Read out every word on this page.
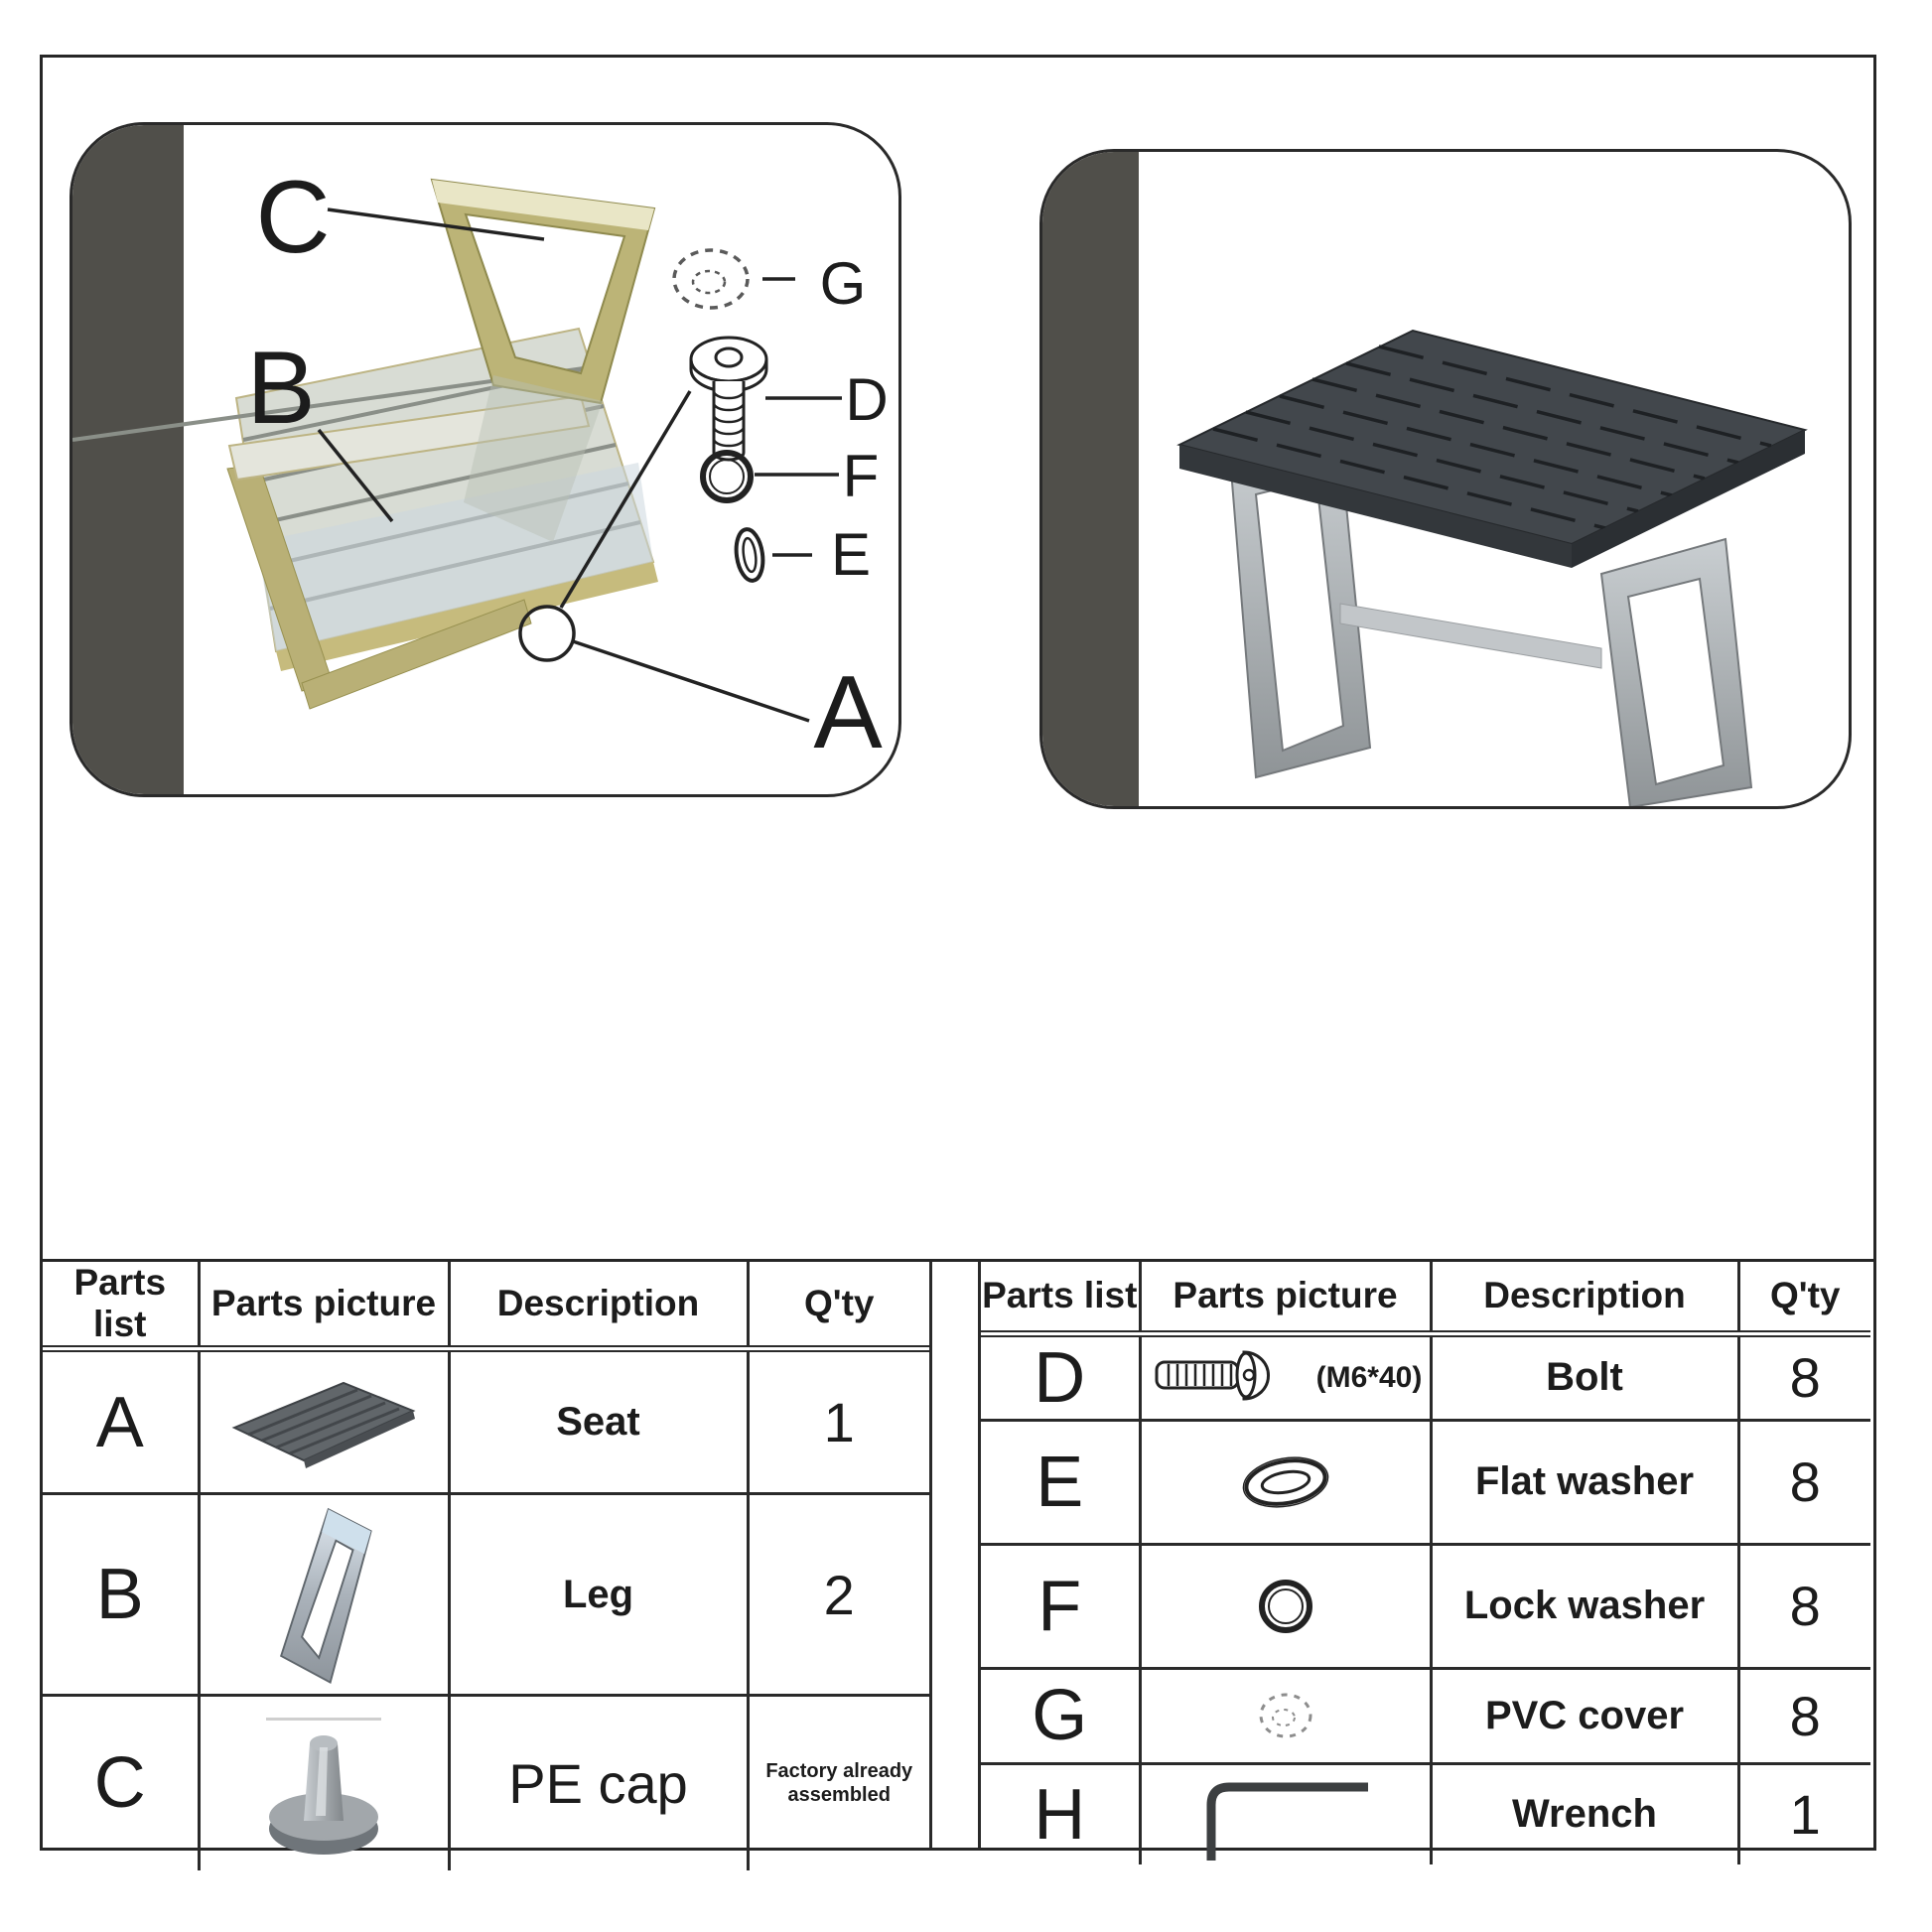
C
B
A
G
D
F
E
Parts list	Parts picture	Description	Q'ty
A		Seat	1
B		Leg	2
C		PE cap	Factory already assembled
Parts list	Parts picture	Description	Q'ty
D	(M6*40)	Bolt	8
E		Flat washer	8
F		Lock washer	8
G		PVC cover	8
H		Wrench	1
